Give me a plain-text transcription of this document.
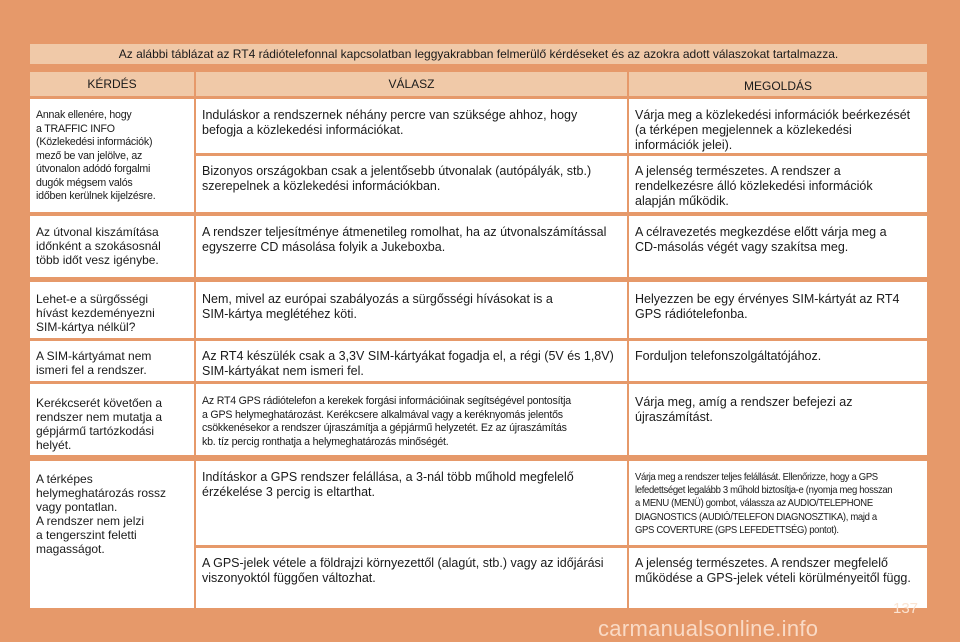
Az alábbi táblázat az RT4 rádiótelefonnal kapcsolatban leggyakrabban felmerülő kérdéseket és az azokra adott válaszokat tartalmazza.
KÉRDÉS	VÁLASZ	MEGOLDÁS
Annak ellenére, hogy
a TRAFFIC INFO
(Közlekedési információk)
mező be van jelölve, az
útvonalon adódó forgalmi
dugók mégsem valós
időben kerülnek kijelzésre.
Induláskor a rendszernek néhány percre van szüksége ahhoz, hogy
befogja a közlekedési információkat.
Várja meg a közlekedési információk beérkezését
(a térképen megjelennek a közlekedési
információk jelei).
Bizonyos országokban csak a jelentősebb útvonalak (autópályák, stb.)
szerepelnek a közlekedési információkban.
A jelenség természetes. A rendszer a
rendelkezésre álló közlekedési információk
alapján működik.
Az útvonal kiszámítása
időnként a szokásosnál
több időt vesz igénybe.
A rendszer teljesítménye átmenetileg romolhat, ha az útvonalszámítással
egyszerre CD másolása folyik a Jukeboxba.
A célravezetés megkezdése előtt várja meg a
CD-másolás végét vagy szakítsa meg.
Lehet-e a sürgősségi
hívást kezdeményezni
SIM-kártya nélkül?
Nem, mivel az európai szabályozás a sürgősségi hívásokat is a
SIM-kártya meglétéhez köti.
Helyezzen be egy érvényes SIM-kártyát az RT4
GPS rádiótelefonba.
A SIM-kártyámat nem
ismeri fel a rendszer.
Az RT4 készülék csak a 3,3V SIM-kártyákat fogadja el, a régi (5V és 1,8V)
SIM-kártyákat nem ismeri fel.
Forduljon telefonszolgáltatójához.
Kerékcserét követően a
rendszer nem mutatja a
gépjármű tartózkodási
helyét.
Az RT4 GPS rádiótelefon a kerekek forgási információinak segítségével pontosítja
a GPS helymeghatározást. Kerékcsere alkalmával vagy a keréknyomás jelentős
csökkenésekor a rendszer újraszámítja a gépjármű helyzetét. Ez az újraszámítás
kb. tíz percig ronthatja a helymeghatározás minőségét.
Várja meg, amíg a rendszer befejezi az
újraszámítást.
A térképes
helymeghatározás rossz
vagy pontatlan.
A rendszer nem jelzi
a tengerszint feletti
magasságot.
Indításkor a GPS rendszer felállása, a 3-nál több műhold megfelelő
érzékelése 3 percig is eltarthat.
Várja meg a rendszer teljes felállását. Ellenőrizze, hogy a GPS
lefedettséget legalább 3 műhold biztosítja-e (nyomja meg hosszan
a MENU (MENÜ) gombot, válassza az AUDIO/TELEPHONE
DIAGNOSTICS (AUDIÓ/TELEFON DIAGNOSZTIKA), majd a
GPS COVERTURE (GPS LEFEDETTSÉG) pontot).
A GPS-jelek vétele a földrajzi környezettől (alagút, stb.) vagy az időjárási
viszonyoktól függően változhat.
A jelenség természetes. A rendszer megfelelő
működése a GPS-jelek vételi körülményeitől függ.
137
carmanualsonline.info
